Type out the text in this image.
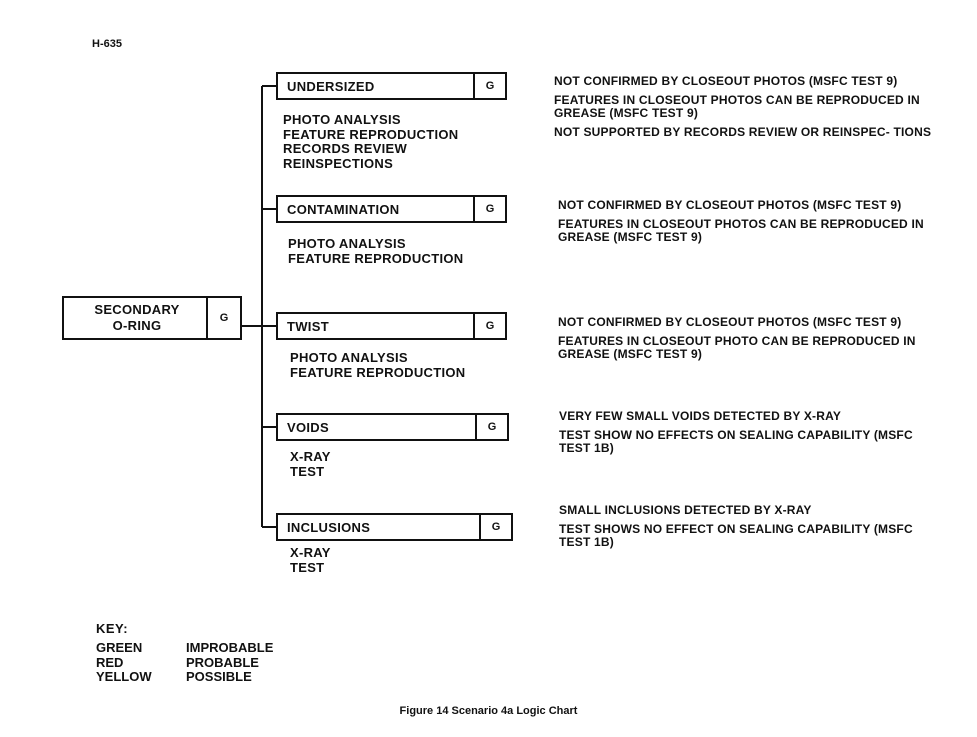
H-635
SECONDARY
O-RING	G
UNDERSIZED	G
PHOTO ANALYSIS
FEATURE REPRODUCTION
RECORDS REVIEW
REINSPECTIONS

NOT CONFIRMED BY CLOSEOUT PHOTOS (MSFC TEST 9)

FEATURES IN CLOSEOUT PHOTOS CAN BE REPRODUCED IN GREASE (MSFC TEST 9)

NOT SUPPORTED BY RECORDS REVIEW OR REINSPEC- TIONS

CONTAMINATION	G
PHOTO ANALYSIS
FEATURE REPRODUCTION

NOT CONFIRMED BY CLOSEOUT PHOTOS (MSFC TEST 9)

FEATURES IN CLOSEOUT PHOTOS CAN BE REPRODUCED IN GREASE (MSFC TEST 9)

TWIST	G
PHOTO ANALYSIS
FEATURE REPRODUCTION

NOT CONFIRMED BY CLOSEOUT PHOTOS (MSFC TEST 9)

FEATURES IN CLOSEOUT PHOTO CAN BE REPRODUCED IN GREASE (MSFC TEST 9)

VOIDS	G
X-RAY
TEST

VERY FEW SMALL VOIDS DETECTED BY X-RAY

TEST SHOW NO EFFECTS ON SEALING CAPABILITY (MSFC TEST 1B)

INCLUSIONS	G
X-RAY
TEST

SMALL INCLUSIONS DETECTED BY X-RAY

TEST SHOWS NO EFFECT ON SEALING CAPABILITY (MSFC TEST 1B)

KEY:
GREEN	IMPROBABLE
RED	PROBABLE
YELLOW	POSSIBLE
Figure 14 Scenario 4a Logic Chart
